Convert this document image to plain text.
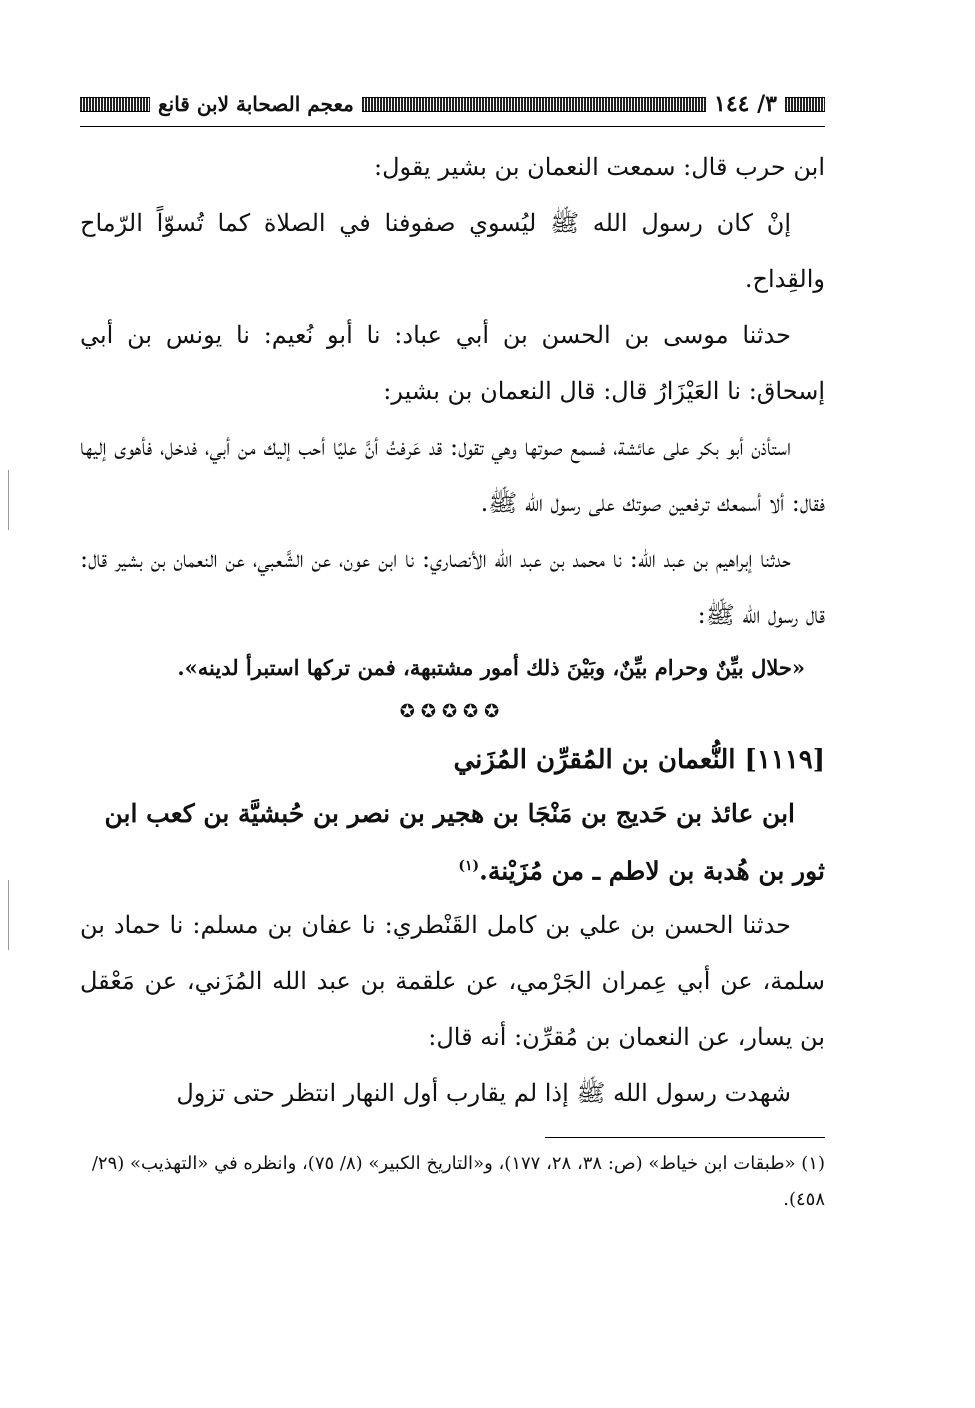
معجم الصحابة لابن قانع	٣/ ١٤٤

ابن حرب قال: سمعت النعمان بن بشير يقول:

إنْ كان رسول الله ﷺ ليُسوي صفوفنا في الصلاة كما تُسوّاً الرّماح والقِداح.

حدثنا موسى بن الحسن بن أبي عباد: نا أبو نُعيم: نا يونس بن أبي إسحاق: نا العَيْزَارُ قال: قال النعمان بن بشير:

استأذن أبو بكر على عائشة، فسمع صوتها وهي تقول: قد عَرفتُ أنَّ عليًا أحب إليك من أبي، فدخل، فأهوى إليها فقال: ألا أسمعك ترفعين صوتك على رسول الله ﷺ.

حدثنا إبراهيم بن عبد الله: نا محمد بن عبد الله الأنصاري: نا ابن عون، عن الشَّعبي، عن النعمان بن بشير قال: قال رسول الله ﷺ:

«حلال بيِّنٌ وحرام بيِّنٌ، وبَيْنَ ذلك أمور مشتبهة، فمن تركها استبرأ لدينه».

✪✪✪✪✪

[١١١٩] النُّعمان بن المُقرِّن المُزَني

ابن عائذ بن حَديج بن مَنْجَا بن هجير بن نصر بن حُبشيَّة بن كعب ابن ثور بن هُدبة بن لاطم ـ من مُزَيْنة.$^{(١)}$

حدثنا الحسن بن علي بن كامل القَنْطري: نا عفان بن مسلم: نا حماد بن سلمة، عن أبي عِمران الجَرْمي، عن علقمة بن عبد الله المُزَني، عن مَعْقل بن يسار، عن النعمان بن مُقرِّن: أنه قال:

شهدت رسول الله ﷺ إذا لم يقارب أول النهار انتظر حتى تزول

(١) «طبقات ابن خياط» (ص: ٣٨، ٢٨، ١٧٧)، و«التاريخ الكبير» (٨/ ٧٥)، وانظره في «التهذيب» (٢٩/ ٤٥٨).
